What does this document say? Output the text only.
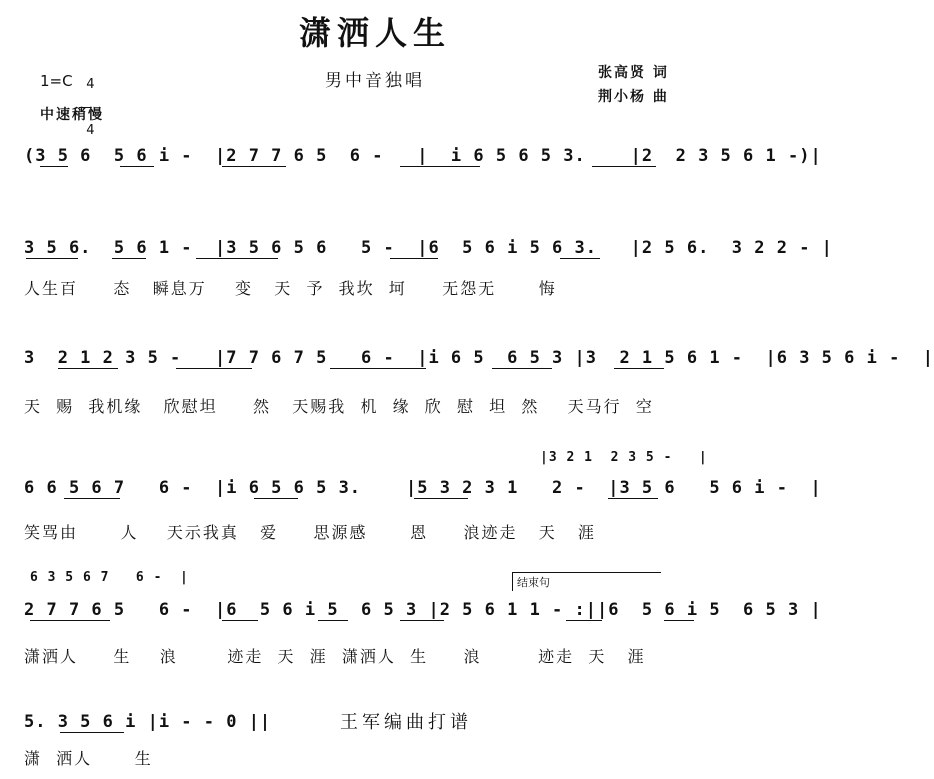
潇洒人生
男中音独唱
1=C	4

4

中速稍慢
张高贤 词
荆小杨 曲
(3 5 6  5 6 i -  |2 7 7 6 5  6 -   |  i 6 5 6 5 3.    |2  2 3 5 6 1 -)|
3 5 6.  5 6 1 -  |3 5 6 5 6   5 -  |6  5 6 i 5 6 3.   |2 5 6.  3 2 2 - |
人生百     态   瞬息万    变   天  予  我坎  坷     无怨无      悔
3  2 1 2 3 5 -   |7 7 6 7 5   6 -  |i 6 5  6 5 3 |3  2 1 5 6 1 -  |6 3 5 6 i -  |
天  赐  我机缘   欣慰坦     然   天赐我  机  缘  欣  慰  坦  然    天马行  空
|3 2 1  2 3 5 -   |
6 6 5 6 7   6 -  |i 6 5 6 5 3.    |5 3 2 3 1   2 -  |3 5 6   5 6 i -  |
笑骂由      人    天示我真   爱     思源感      恩     浪迹走   天   涯
6 3 5 6 7   6 -  |	结束句
2 7 7 6 5   6 -  |6  5 6 i 5  6 5 3 |2 5 6 1 1 - :||6  5 6 i 5  6 5 3 |
潇洒人     生    浪       迹走  天  涯  潇洒人  生     浪        迹走  天   涯
5. 3 5 6 i |i - - 0 ||
潇  洒人      生
王军编曲打谱
